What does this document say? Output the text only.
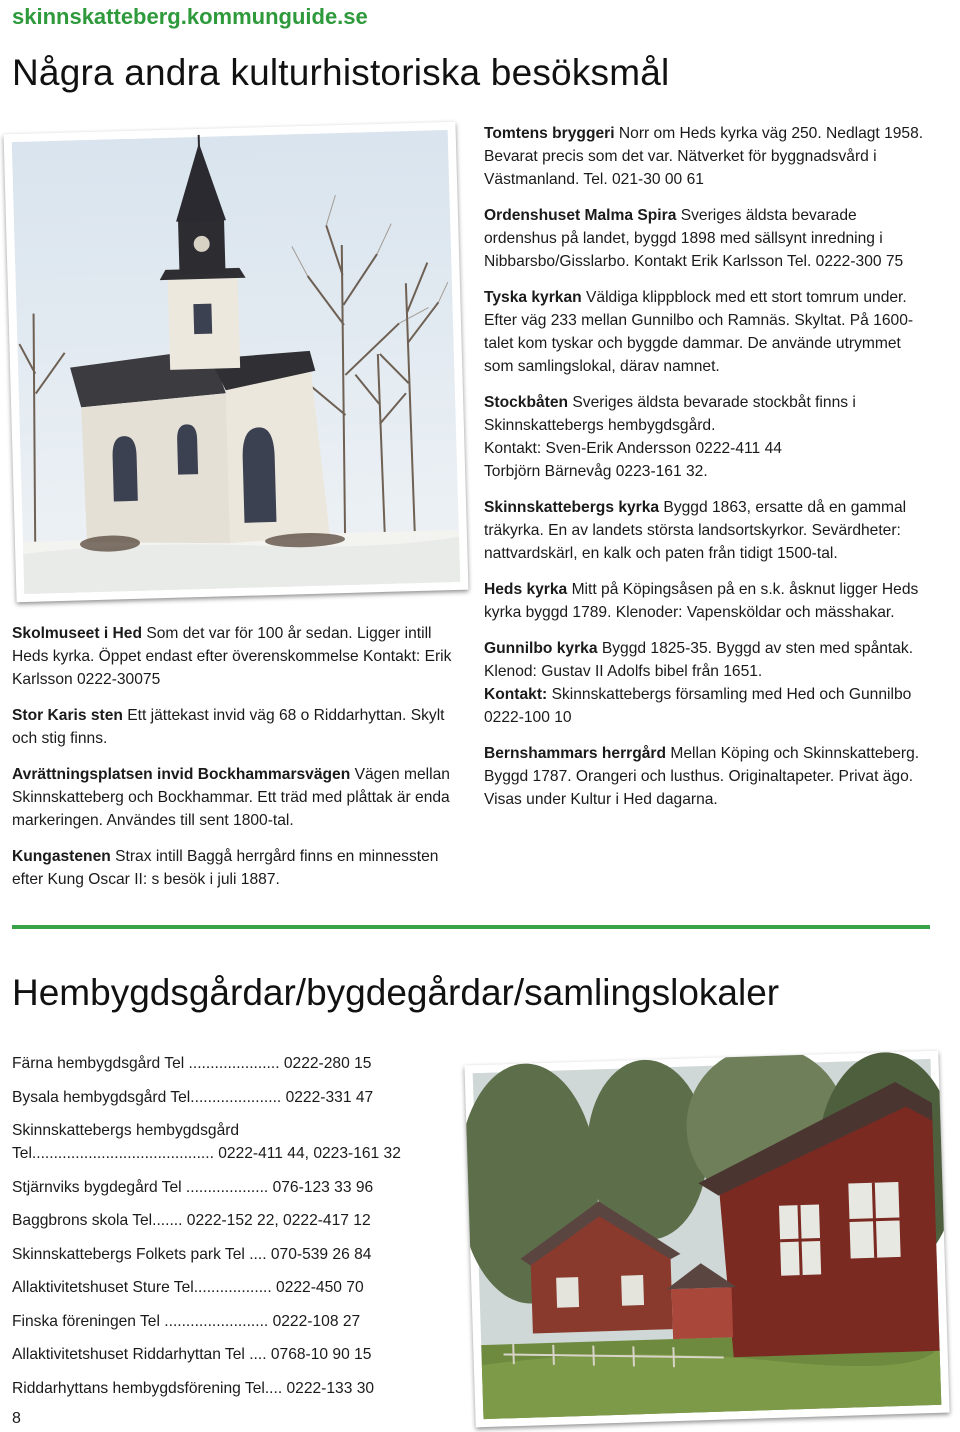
skinnskatteberg.kommunguide.se
Några andra kulturhistoriska besöksmål

Skolmuseet i Hed Som det var för 100 år sedan. Ligger intill Heds kyrka. Öppet endast efter överenskommelse Kontakt: Erik Karlsson 0222-30075

Stor Karis sten Ett jättekast invid väg 68 o Riddarhyttan. Skylt och stig finns.

Avrättningsplatsen invid Bockhammarsvägen Vägen mellan Skinnskatteberg och Bockhammar. Ett träd med plåttak är enda markeringen. Användes till sent 1800-tal.

Kungastenen Strax intill Baggå herrgård finns en minnessten efter Kung Oscar II: s besök i juli 1887.

Tomtens bryggeri Norr om Heds kyrka väg 250. Nedlagt 1958. Bevarat precis som det var. Nätverket för byggnadsvård i Västmanland. Tel. 021-30 00 61

Ordenshuset Malma Spira Sveriges äldsta bevarade ordenshus på landet, byggd 1898 med sällsynt inredning i Nibbarsbo/Gisslarbo. Kontakt Erik Karlsson Tel. 0222-300 75

Tyska kyrkan Väldiga klippblock med ett stort tomrum under. Efter väg 233 mellan Gunnilbo och Ramnäs. Skyltat. På 1600-talet kom tyskar och byggde dammar. De använde utrymmet som samlingslokal, därav namnet.

Stockbåten Sveriges äldsta bevarade stockbåt finns i Skinnskattebergs hembygdsgård.
Kontakt: Sven-Erik Andersson 0222-411 44
Torbjörn Bärnevåg 0223-161 32.

Skinnskattebergs kyrka Byggd 1863, ersatte då en gammal träkyrka. En av landets största landsortskyrkor. Sevärdheter: nattvardskärl, en kalk och paten från tidigt 1500-tal.

Heds kyrka Mitt på Köpingsåsen på en s.k. åsknut ligger Heds kyrka byggd 1789. Klenoder: Vapensköldar och mässhakar.

Gunnilbo kyrka Byggd 1825-35. Byggd av sten med spåntak. Klenod: Gustav II Adolfs bibel från 1651.
Kontakt: Skinnskattebergs församling med Hed och Gunnilbo 0222-100 10

Bernshammars herrgård Mellan Köping och Skinnskatteberg. Byggd 1787. Orangeri och lusthus. Originaltapeter. Privat ägo. Visas under Kultur i Hed dagarna.

Hembygdsgårdar/bygdegårdar/samlingslokaler
Färna hembygdsgård Tel ..................... 0222-280 15
Bysala hembygdsgård Tel..................... 0222-331 47
Skinnskattebergs hembygdsgård
Tel.......................................... 0222-411 44, 0223-161 32
Stjärnviks bygdegård Tel ................... 076-123 33 96
Baggbrons skola Tel....... 0222-152 22, 0222-417 12
Skinnskattebergs Folkets park Tel .... 070-539 26 84
Allaktivitetshuset Sture Tel.................. 0222-450 70
Finska föreningen Tel ........................ 0222-108 27
Allaktivitetshuset Riddarhyttan Tel .... 0768-10 90 15
Riddarhyttans hembygdsförening Tel.... 0222-133 30
8
